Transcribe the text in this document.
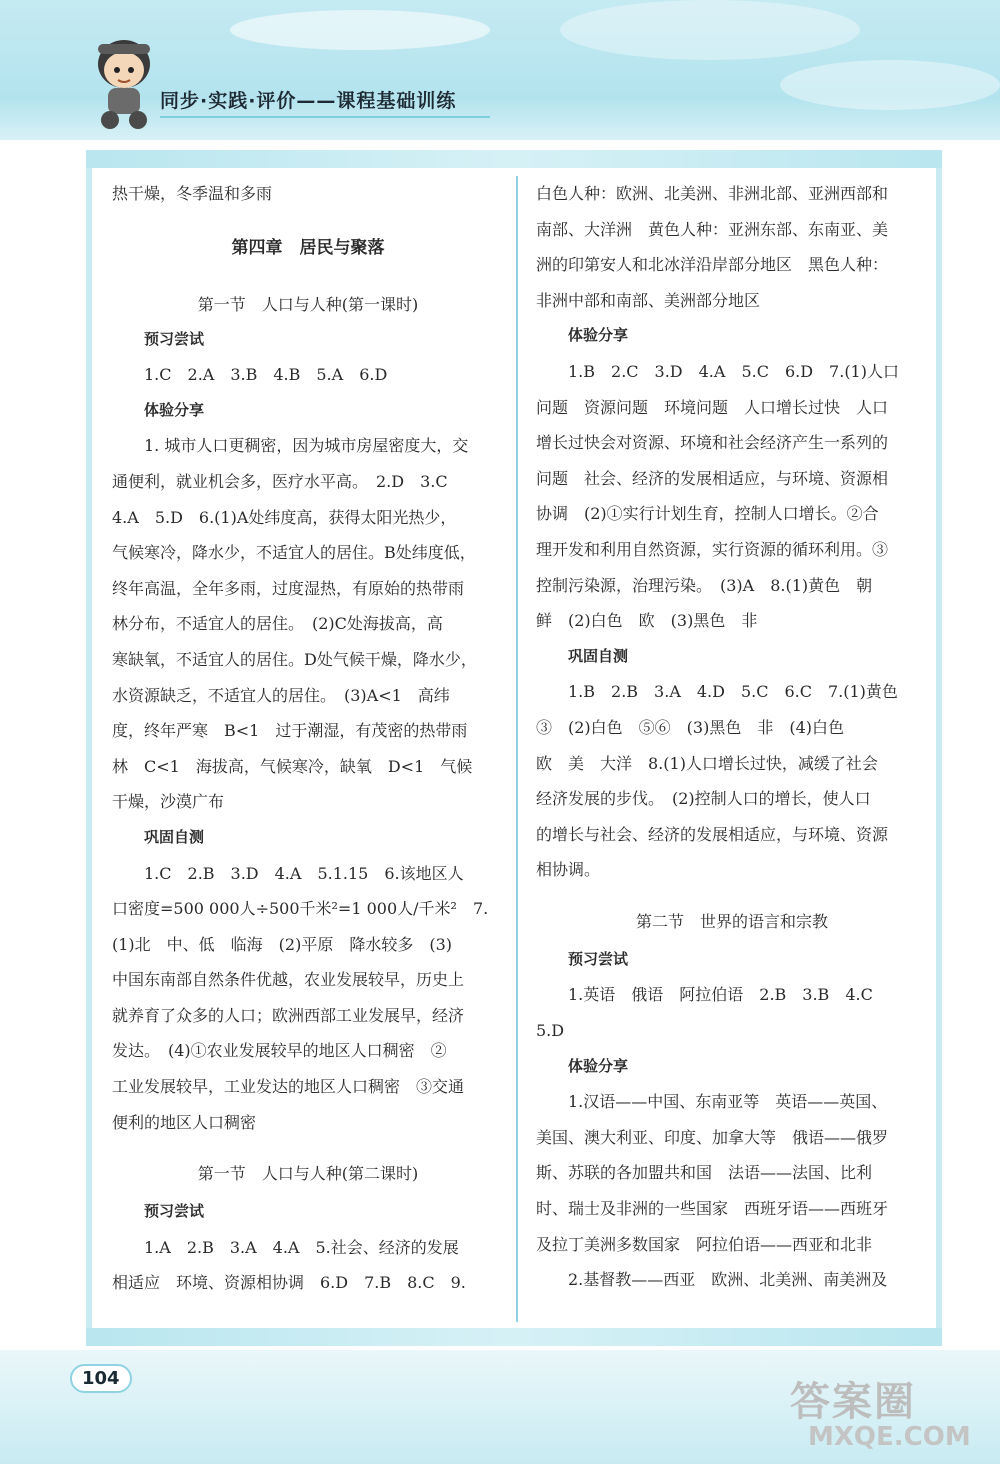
同步·实践·评价——课程基础训练
热干燥，冬季温和多雨
第四章　居民与聚落
第一节　人口与人种(第一课时)
预习尝试
1.C　2.A　3.B　4.B　5.A　6.D
体验分享
1. 城市人口更稠密，因为城市房屋密度大，交
通便利，就业机会多，医疗水平高。　2.D　3.C
4.A　5.D　6.(1)A处纬度高，获得太阳光热少，
气候寒冷，降水少，不适宜人的居住。B处纬度低，
终年高温，全年多雨，过度湿热，有原始的热带雨
林分布，不适宜人的居住。　(2)C处海拔高，高
寒缺氧，不适宜人的居住。D处气候干燥，降水少，
水资源缺乏，不适宜人的居住。　(3)A<1　高纬
度，终年严寒　B<1　过于潮湿，有茂密的热带雨
林　C<1　海拔高，气候寒冷，缺氧　D<1　气候
干燥，沙漠广布
巩固自测
1.C　2.B　3.D　4.A　5.1.15　6.该地区人
口密度=500 000人÷500千米²=1 000人/千米²　7.
(1)北　中、低　临海　(2)平原　降水较多　(3)
中国东南部自然条件优越，农业发展较早，历史上
就养育了众多的人口；欧洲西部工业发展早，经济
发达。　(4)①农业发展较早的地区人口稠密　②
工业发展较早，工业发达的地区人口稠密　③交通
便利的地区人口稠密
第一节　人口与人种(第二课时)
预习尝试
1.A　2.B　3.A　4.A　5.社会、经济的发展
相适应　环境、资源相协调　6.D　7.B　8.C　9.
白色人种：欧洲、北美洲、非洲北部、亚洲西部和
南部、大洋洲　黄色人种：亚洲东部、东南亚、美
洲的印第安人和北冰洋沿岸部分地区　黑色人种：
非洲中部和南部、美洲部分地区
体验分享
1.B　2.C　3.D　4.A　5.C　6.D　7.(1)人口
问题　资源问题　环境问题　人口增长过快　人口
增长过快会对资源、环境和社会经济产生一系列的
问题　社会、经济的发展相适应，与环境、资源相
协调　(2)①实行计划生育，控制人口增长。②合
理开发和利用自然资源，实行资源的循环利用。③
控制污染源，治理污染。　(3)A　8.(1)黄色　朝
鲜　(2)白色　欧　(3)黑色　非
巩固自测
1.B　2.B　3.A　4.D　5.C　6.C　7.(1)黄色
③　(2)白色　⑤⑥　(3)黑色　非　(4)白色
欧　美　大洋　8.(1)人口增长过快，减缓了社会
经济发展的步伐。　(2)控制人口的增长，使人口
的增长与社会、经济的发展相适应，与环境、资源
相协调。
第二节　世界的语言和宗教
预习尝试
1.英语　俄语　阿拉伯语　2.B　3.B　4.C
5.D
体验分享
1.汉语——中国、东南亚等　英语——英国、
美国、澳大利亚、印度、加拿大等　俄语——俄罗
斯、苏联的各加盟共和国　法语——法国、比利
时、瑞士及非洲的一些国家　西班牙语——西班牙
及拉丁美洲多数国家　阿拉伯语——西亚和北非
2.基督教——西亚　欧洲、北美洲、南美洲及
104
答案圈
MXQE.COM
